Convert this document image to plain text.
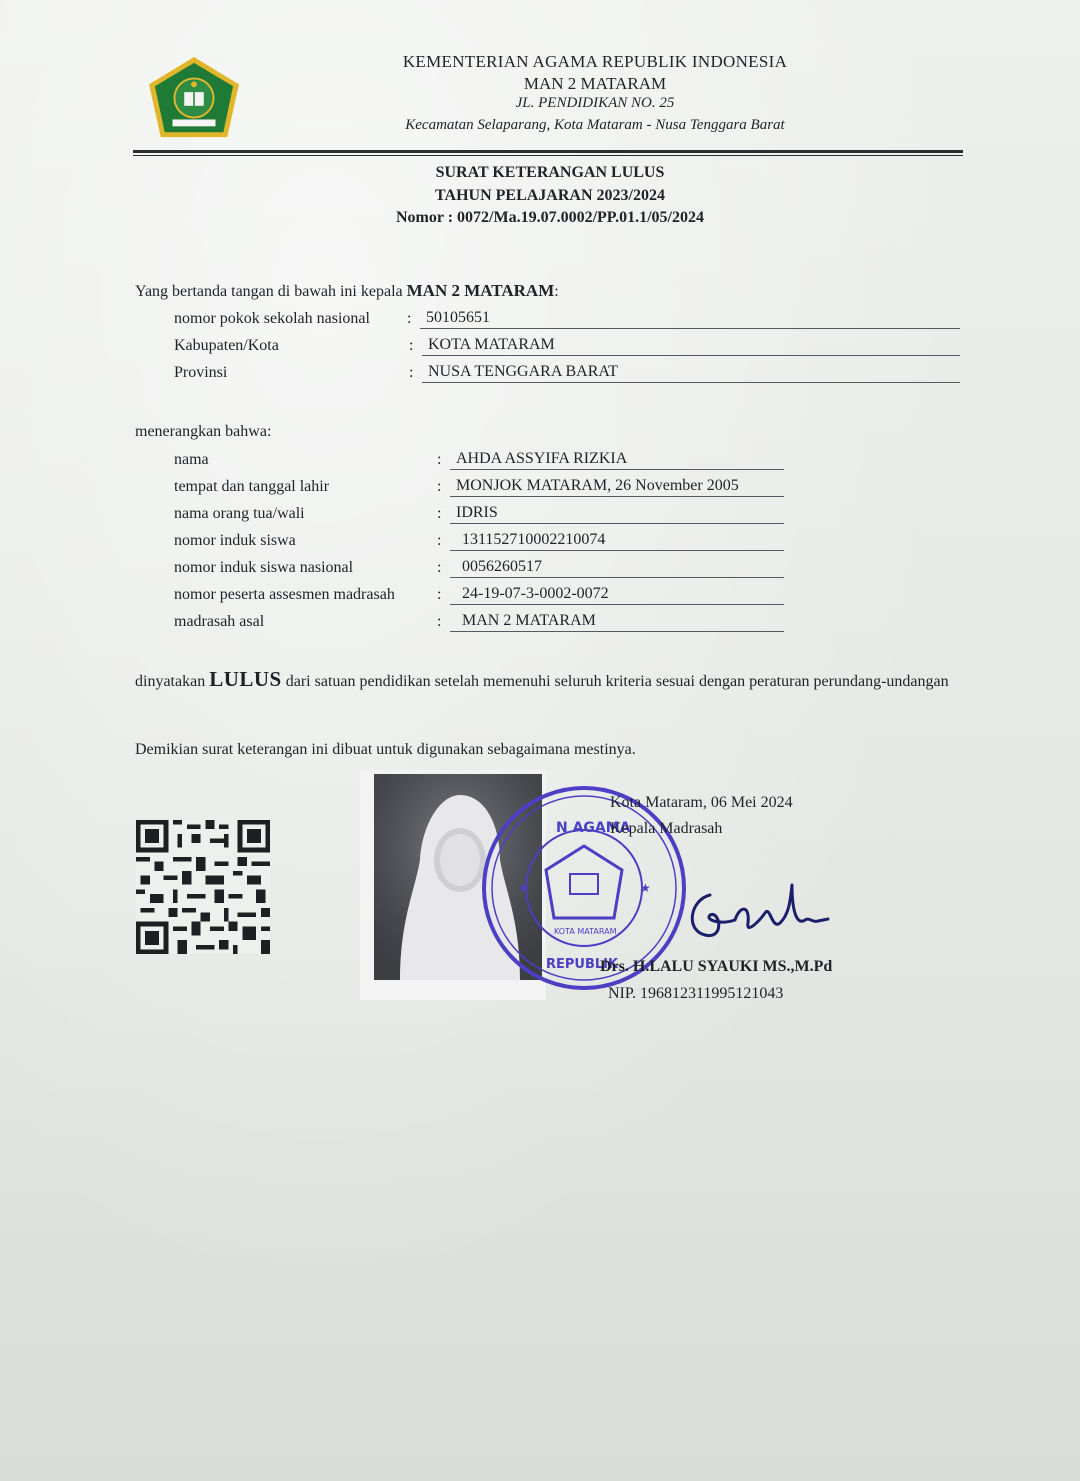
KEMENTERIAN AGAMA REPUBLIK INDONESIA
MAN 2 MATARAM
JL. PENDIDIKAN NO. 25
Kecamatan Selaparang, Kota Mataram - Nusa Tenggara Barat
SURAT KETERANGAN LULUS
TAHUN PELAJARAN 2023/2024
Nomor : 0072/Ma.19.07.0002/PP.01.1/05/2024
Yang bertanda tangan di bawah ini kepala MAN 2 MATARAM:
nomor pokok sekolah nasional : 50105651
Kabupaten/Kota	: KOTA MATARAM
Provinsi	: NUSA TENGGARA BARAT
menerangkan bahwa:
nama	: AHDA ASSYIFA RIZKIA
tempat dan tanggal lahir	: MONJOK MATARAM, 26 November 2005
nama orang tua/wali	: IDRIS
nomor induk siswa	:	131152710002210074
nomor induk siswa nasional	:	0056260517
nomor peserta assesmen madrasah	:	24-19-07-3-0002-0072
madrasah asal	:	MAN 2 MATARAM
dinyatakan LULUS dari satuan pendidikan setelah memenuhi seluruh kriteria sesuai dengan peraturan perundang-undangan
Demikian surat keterangan ini dibuat untuk digunakan sebagaimana mestinya.
★	★
N AGAMA
REPUBLIK
KOTA MATARAM
Kota Mataram, 06 Mei 2024
Kepala Madrasah
Drs. H.LALU SYAUKI MS.,M.Pd
NIP. 196812311995121043
